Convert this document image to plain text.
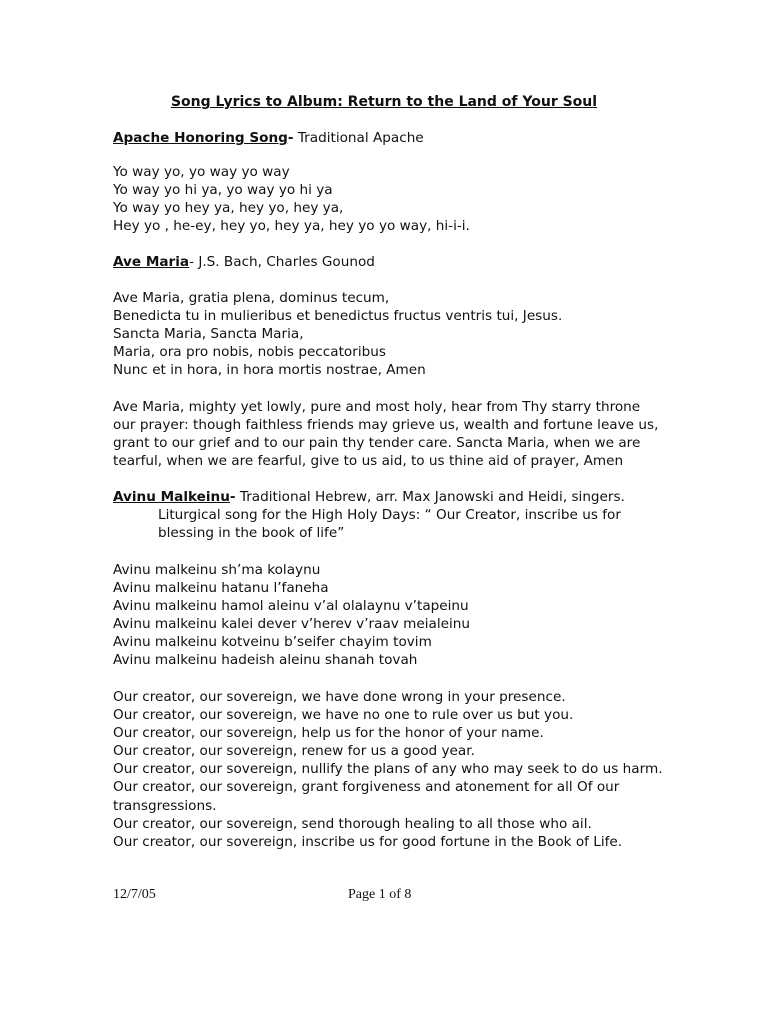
Song Lyrics to Album: Return to the Land of Your Soul
Apache Honoring Song- Traditional Apache
Yo way yo, yo way yo way
Yo way yo hi ya, yo way yo hi ya
Yo way yo hey ya, hey yo, hey ya,
Hey yo , he-ey, hey yo, hey ya, hey yo yo way, hi-i-i.
Ave Maria- J.S. Bach, Charles Gounod
Ave Maria, gratia plena, dominus tecum,
Benedicta tu in mulieribus et benedictus fructus ventris tui, Jesus.
Sancta Maria, Sancta Maria,
Maria, ora pro nobis, nobis peccatoribus
Nunc et in hora, in hora mortis nostrae, Amen
Ave Maria, mighty yet lowly, pure and most holy, hear from Thy starry throne
our prayer: though faithless friends may grieve us, wealth and fortune leave us,
grant to our grief and to our pain thy tender care. Sancta Maria, when we are
tearful, when we are fearful, give to us aid, to us thine aid of prayer, Amen
Avinu Malkeinu- Traditional Hebrew, arr. Max Janowski and Heidi, singers.
Liturgical song for the High Holy Days: “ Our Creator, inscribe us for
blessing in the book of life”
Avinu malkeinu sh’ma kolaynu
Avinu malkeinu hatanu l’faneha
Avinu malkeinu hamol aleinu v’al olalaynu v’tapeinu
Avinu malkeinu kalei dever v’herev v’raav meialeinu
Avinu malkeinu kotveinu b’seifer chayim tovim
Avinu malkeinu hadeish aleinu shanah tovah
Our creator, our sovereign, we have done wrong in your presence.
Our creator, our sovereign, we have no one to rule over us but you.
Our creator, our sovereign, help us for the honor of your name.
Our creator, our sovereign, renew for us a good year.
Our creator, our sovereign, nullify the plans of any who may seek to do us harm.
Our creator, our sovereign, grant forgiveness and atonement for all Of our
transgressions.
Our creator, our sovereign, send thorough healing to all those who ail.
Our creator, our sovereign, inscribe us for good fortune in the Book of Life.
12/7/05	Page 1 of 8
